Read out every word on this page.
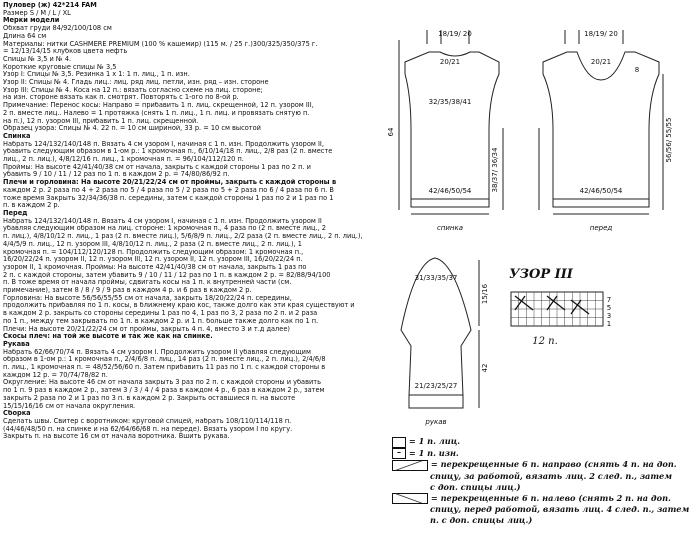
Пуловер (ж) 42*214 FAM

Размер S / M / L / XL

Мерки модели

Обхват груди 84/92/100/108 см

Длина 64 см

Материалы: нитки CASHMERE PREMIUM (100 % кашемир) (115 м. / 25 г.)300/325/350/375 г.

= 12/13/14/15 клубков цвета нефть

Спицы № 3,5 и № 4.

Короткие круговые спицы № 3,5

Узор I: Спицы № 3,5. Резинка 1 х 1: 1 п. лиц., 1 п. изн.

Узор II: Спицы № 4. Гладь лиц.: лиц. ряд лиц. петли, изн. ряд – изн. стороне

Узор III: Спицы № 4. Коса на 12 п.: вязать согласно схеме на лиц. стороне;

на изн. стороне вязать как п. смотрят. Повторять с 1-ого по 8-ой р.

Примечание: Перенос косы: Направо = прибавить 1 п. лиц. скрещенной, 12 п. узором III,

2 п. вместе лиц.. Налево = 1 протяжка (снять 1 п. лиц., 1 п. лиц. и провязать снятую п.

на п.), 12 п. узором III, прибавить 1 п. лиц. скрещенной.

Образец узора: Спицы № 4. 22 п. = 10 см шириной, 33 р. = 10 см высотой

Спинка

Набрать 124/132/140/148 п. Вязать 4 см узором I, начиная с 1 п. изн. Продолжить узором II,

убавить следующим образом в 1-ом р.: 1 кромочная п., 6/10/14/18 п. лиц., 2/8 раз (2 п. вместе

лиц., 2 п. лиц.), 4/8/12/16 п. лиц., 1 кромочная п. = 96/104/112/120 п.

Проймы: На высоте 42/41/40/38 см от начала, закрыть с каждой стороны 1 раз по 2 п. и

убавить 9 / 10 / 11 / 12 раз по 1 п. в каждом 2 р. = 74/80/86/92 п.

Плечи и горловина: На высоте 20/21/22/24 см от проймы, закрыть с каждой стороны в

каждом 2 р. 2 раза по 4 + 2 раза по 5 / 4 раза по 5 / 2 раза по 5 + 2 раза по 6 / 4 раза по 6 п. В

тоже время Закрыть 32/34/36/38 п. середины, затем с каждой стороны 1 раз по 2 и 1 раз по 1

п. в каждом 2 р.

Перед

Набрать 124/132/140/148 п. Вязать 4 см узором I, начиная с 1 п. изн. Продолжить узором II

убавляя следующим образом на лиц. стороне: 1 кромочная п., 4 раза по (2 п. вместе лиц., 2

п. лиц.), 4/8/10/12 п. лиц., 1 раз (2 п. вместе лиц.), 5/6/8/9 п. лиц., 2/2 раза (2 п. вместе лиц., 2 п. лиц.),

4/4/5/9 п. лиц., 12 п. узором III, 4/8/10/12 п. лиц., 2 раза (2 п. вместе лиц., 2 п. лиц.), 1

кромочная п. = 104/112/120/128 п. Продолжить следующим образом: 1 кромочная п.,

16/20/22/24 п. узором II, 12 п. узором III, 12 п. узором II, 12 п. узором III, 16/20/22/24 п.

узором II, 1 кромочная. Проймы: На высоте 42/41/40/38 см от начала, закрыть 1 раз по

2 п. с каждой стороны, затем убавить 9 / 10 / 11 / 12 раз по 1 п. в каждом 2 р. = 82/88/94/100

п. В тоже время от начала проймы, сдвигать косы на 1 п. к внутренней части (см.

примечание), затем 8 / 8 / 9 / 9 раз в каждом 4 р. и 6 раз в каждом 2 р.

Горловина: На высоте 56/56/55/55 см от начала, закрыть 18/20/22/24 п. середины,

продолжить прибавляя по 1 п. косы, в ближнему краю кос, также долго как эти края существуют и

в каждом 2 р. закрыть со стороны середины 1 раз по 4, 1 раз по 3, 2 раза по 2 п. и 2 раза

по 1 п., между тем закрывать по 1 п. в каждом 2 р. и 1 п. больше также долго как по 1 п.

Плечи: На высоте 20/21/22/24 см от проймы, закрыть 4 п. 4, вместо 3 и т.д далее)

Скосы плеч: на той же высоте и так же как на спинке.

Рукава

Набрать 62/66/70/74 п. Вязать 4 см узором I. Продолжить узором II убавляя следующим

образом в 1-ом р.: 1 кромочная п., 2/4/6/8 п. лиц., 14 раз (2 п. вместе лиц., 2 п. лиц.), 2/4/6/8

п. лиц., 1 кромочная п. = 48/52/56/60 п. Затем прибавить 11 раз по 1 п. с каждой стороны в

каждом 12 р. = 70/74/78/82 п.

Округление: На высоте 46 см от начала закрыть 3 раз по 2 п. с каждой стороны и убавить

по 1 п. 9 раз в каждом 2 р., затем 3 / 3 / 4 / 4 раза в каждом 4 р., 6 раз в каждом 2 р., затем

закрыть 2 раза по 2 и 1 раз по 3 п. в каждом 2 р. Закрыть оставшиеся п. на высоте

15/15/16/16 см от начала округления.

Сборка

Сделать швы. Свитер с воротником: круговой спицей, набрать 108/110/114/118 п.

(44/46/48/50 п. на спинке и на 62/64/66/68 п. на переде). Вязать узором I по кругу.

Закрыть п. на высоте 16 см от начала воротника. Вшить рукава.

32/35/38/41
42/46/50/54
20/21
18/19/ 20
64
38/37/ 36/34
спинка
42/46/50/54
20/21
18/19/ 20
8
56/56/ 55/55
перед
31/33/35/37
21/23/25/27
15/16
42
рукав
УЗОР III
12 п.
7
5
3
1
= 1 п. лиц.
– = 1 п. изн.
= перекрещенные 6 п. направо (снять 4 п. на доп.
спицу, за работой, вязать лиц. 2 след. п., затем
с доп. спицы лиц.)
= перекрещенные 6 п. налево (снять 2 п. на доп.
спицу, перед работой, вязать лиц. 4 след. п., затем
п. с доп. спицы лиц.)
